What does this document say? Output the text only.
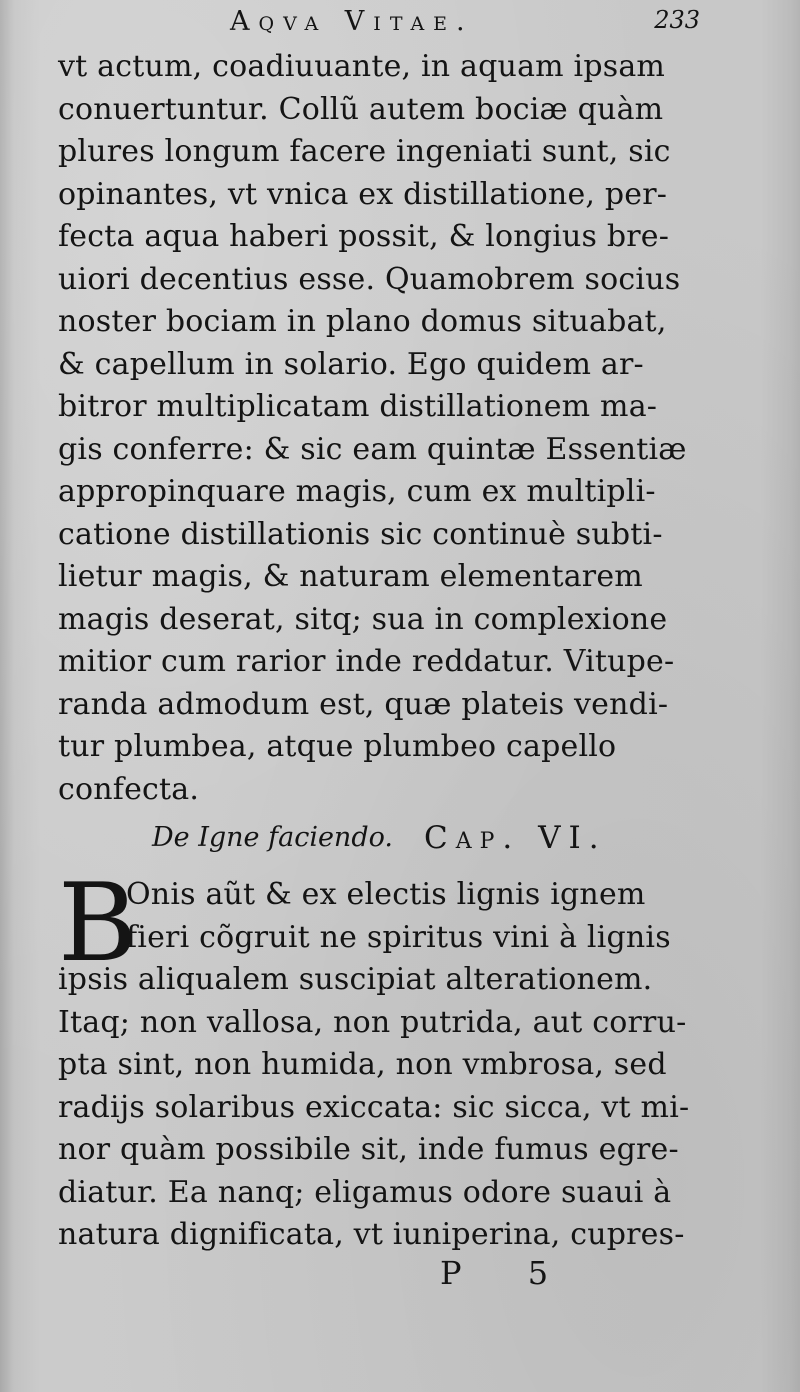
Aqva Vitae.	233
vt actum, coadiuuante, in aquam ipsam
conuertuntur. Collũ autem bociæ quàm
plures longum facere ingeniati sunt, sic
opinantes, vt vnica ex distillatione, per-
fecta aqua haberi possit, & longius bre-
uiori decentius esse. Quamobrem socius
noster bociam in plano domus situabat,
& capellum in solario. Ego quidem ar-
bitror multiplicatam distillationem ma-
gis conferre: & sic eam quintæ Essentiæ
appropinquare magis, cum ex multipli-
catione distillationis sic continuè subti-
lietur magis, & naturam elementarem
magis deserat, sitq; sua in complexione
mitior cum rarior inde reddatur. Vitupe-
randa admodum est, quæ plateis vendi-
tur plumbea, atque plumbeo capello
confecta.
De Igne faciendo. Cap. VI.
B
Onis aũt & ex electis lignis ignem
fieri cõgruit ne spiritus vini à lignis
ipsis aliqualem suscipiat alterationem.
Itaq; non vallosa, non putrida, aut corru-
pta sint, non humida, non vmbrosa, sed
radijs solaribus exiccata: sic sicca, vt mi-
nor quàm possibile sit, inde fumus egre-
diatur. Ea nanq; eligamus odore suaui à
natura dignificata, vt iuniperina, cupres-
P 5
